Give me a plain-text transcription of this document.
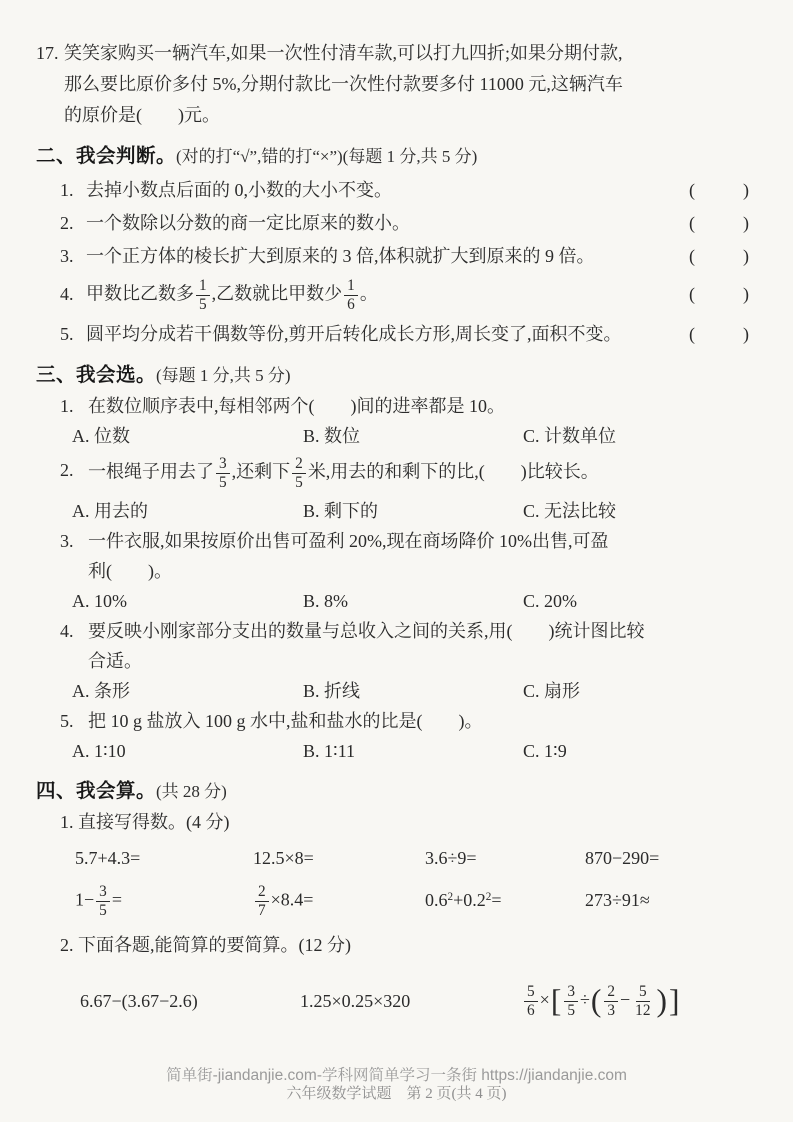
17. 笑笑家购买一辆汽车,如果一次性付清车款,可以打九四折;如果分期付款,
那么要比原价多付 5%,分期付款比一次性付款要多付 11000 元,这辆汽车
的原价是(　　)元。
二、我会判断。(对的打“√”,错的打“×”)(每题 1 分,共 5 分)
1. 去掉小数点后面的 0,小数的大小不变。	(　　)
2. 一个数除以分数的商一定比原来的数小。	(　　)
3. 一个正方体的棱长扩大到原来的 3 倍,体积就扩大到原来的 9 倍。	(　　)
4. 甲数比乙数多 $\frac{1}{5}$ ,乙数就比甲数少 $\frac{1}{6}$ 。	(　　)
5. 圆平均分成若干偶数等份,剪开后转化成长方形,周长变了,面积不变。	(　　)
三、我会选。(每题 1 分,共 5 分)
1. 在数位顺序表中,每相邻两个(　　)间的进率都是 10。
A. 位数	B. 数位	C. 计数单位
2. 一根绳子用去了 $\frac{3}{5}$ ,还剩下 $\frac{2}{5}$ 米,用去的和剩下的比,(　　)比较长。
A. 用去的	B. 剩下的	C. 无法比较
3. 一件衣服,如果按原价出售可盈利 20%,现在商场降价 10%出售,可盈
利(　　)。
A. 10%	B. 8%	C. 20%
4. 要反映小刚家部分支出的数量与总收入之间的关系,用(　　)统计图比较
合适。
A. 条形	B. 折线	C. 扇形
5. 把 10 g 盐放入 100 g 水中,盐和盐水的比是(　　)。
A. 1∶10	B. 1∶11	C. 1∶9
四、我会算。(共 28 分)
1. 直接写得数。(4 分)
5.7+4.3=	12.5×8=	3.6÷9=	870−290=
$1- \frac{3}{5}$ =	$\frac{2}{7} \times 8.4=$	$0.6^2+0.2^2=$	273÷91≈
2. 下面各题,能简算的要简算。(12 分)
6.67−(3.67−2.6)	1.25×0.25×320	$\frac{5}{6}$ ×[ $\frac{3}{5}$ ÷( $\frac{2}{3} - \frac{5}{12}$ )]
简单街-jiandanjie.com-学科网简单学习一条街 https://jiandanjie.com
六年级数学试题　第 2 页(共 4 页)
